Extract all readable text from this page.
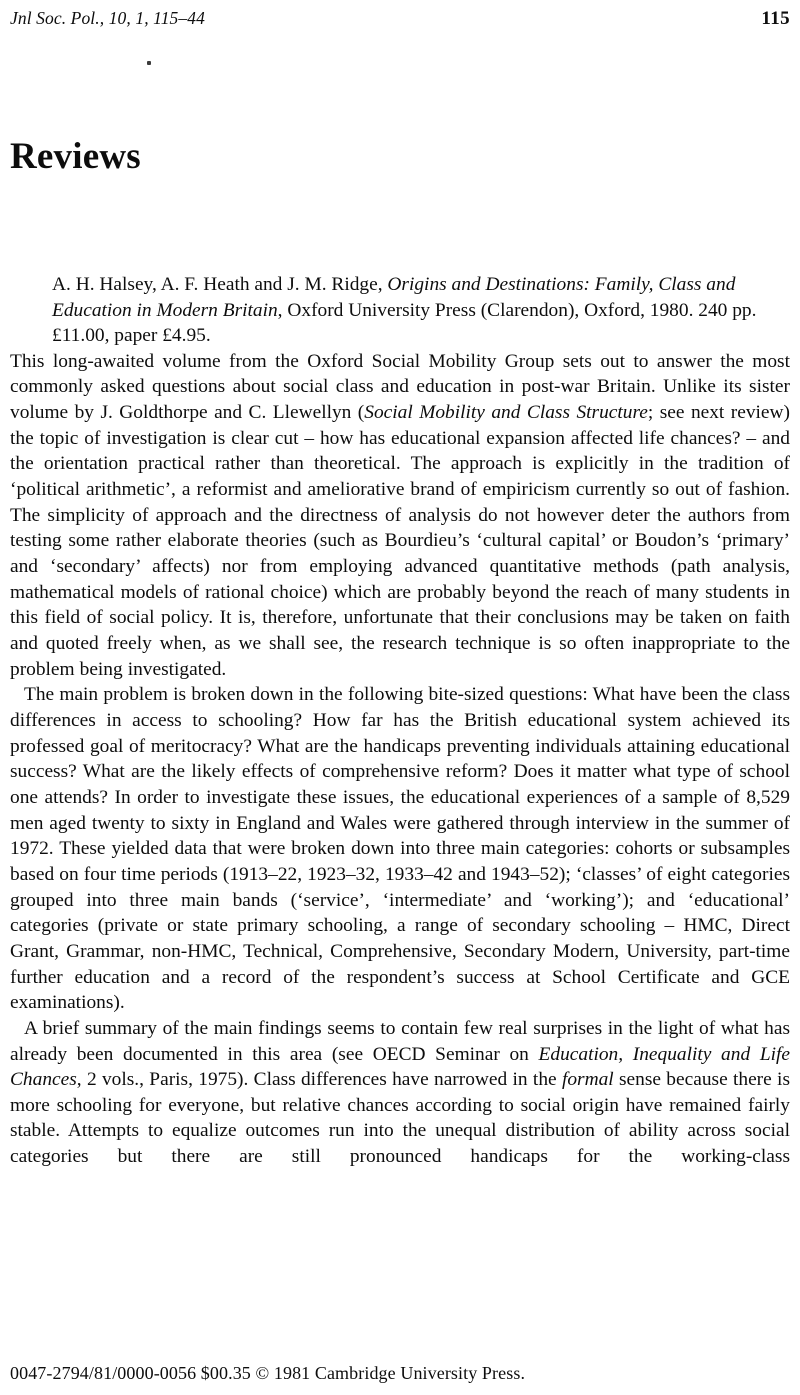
Jnl Soc. Pol., 10, 1, 115–44	115
Reviews

A. H. Halsey, A. F. Heath and J. M. Ridge, Origins and Destinations: Family, Class and Education in Modern Britain, Oxford University Press (Clarendon), Oxford, 1980. 240 pp. £11.00, paper £4.95.

This long-awaited volume from the Oxford Social Mobility Group sets out to answer the most commonly asked questions about social class and education in post-war Britain. Unlike its sister volume by J. Goldthorpe and C. Llewellyn (Social Mobility and Class Structure; see next review) the topic of investigation is clear cut – how has educational expansion affected life chances? – and the orientation practical rather than theoretical. The approach is explicitly in the tradition of ‘political arithmetic’, a reformist and ameliorative brand of empiricism currently so out of fashion. The simplicity of approach and the directness of analysis do not however deter the authors from testing some rather elaborate theories (such as Bourdieu’s ‘cultural capital’ or Boudon’s ‘primary’ and ‘secondary’ affects) nor from employing advanced quantitative methods (path analysis, mathematical models of rational choice) which are probably beyond the reach of many students in this field of social policy. It is, therefore, unfortunate that their conclusions may be taken on faith and quoted freely when, as we shall see, the research technique is so often inappropriate to the problem being investigated.

The main problem is broken down in the following bite-sized questions: What have been the class differences in access to schooling? How far has the British educational system achieved its professed goal of meritocracy? What are the handicaps preventing individuals attaining educational success? What are the likely effects of comprehensive reform? Does it matter what type of school one attends? In order to investigate these issues, the educational experiences of a sample of 8,529 men aged twenty to sixty in England and Wales were gathered through interview in the summer of 1972. These yielded data that were broken down into three main categories: cohorts or subsamples based on four time periods (1913–22, 1923–32, 1933–42 and 1943–52); ‘classes’ of eight categories grouped into three main bands (‘service’, ‘intermediate’ and ‘working’); and ‘educational’ categories (private or state primary schooling, a range of secondary schooling – HMC, Direct Grant, Grammar, non-HMC, Technical, Comprehensive, Secondary Modern, University, part-time further education and a record of the respondent’s success at School Certificate and GCE examinations).

A brief summary of the main findings seems to contain few real surprises in the light of what has already been documented in this area (see OECD Seminar on Education, Inequality and Life Chances, 2 vols., Paris, 1975). Class differences have narrowed in the formal sense because there is more schooling for everyone, but relative chances according to social origin have remained fairly stable. Attempts to equalize outcomes run into the unequal distribution of ability across social categories but there are still pronounced handicaps for the working-class

0047-2794/81/0000-0056 $00.35 © 1981 Cambridge University Press.
